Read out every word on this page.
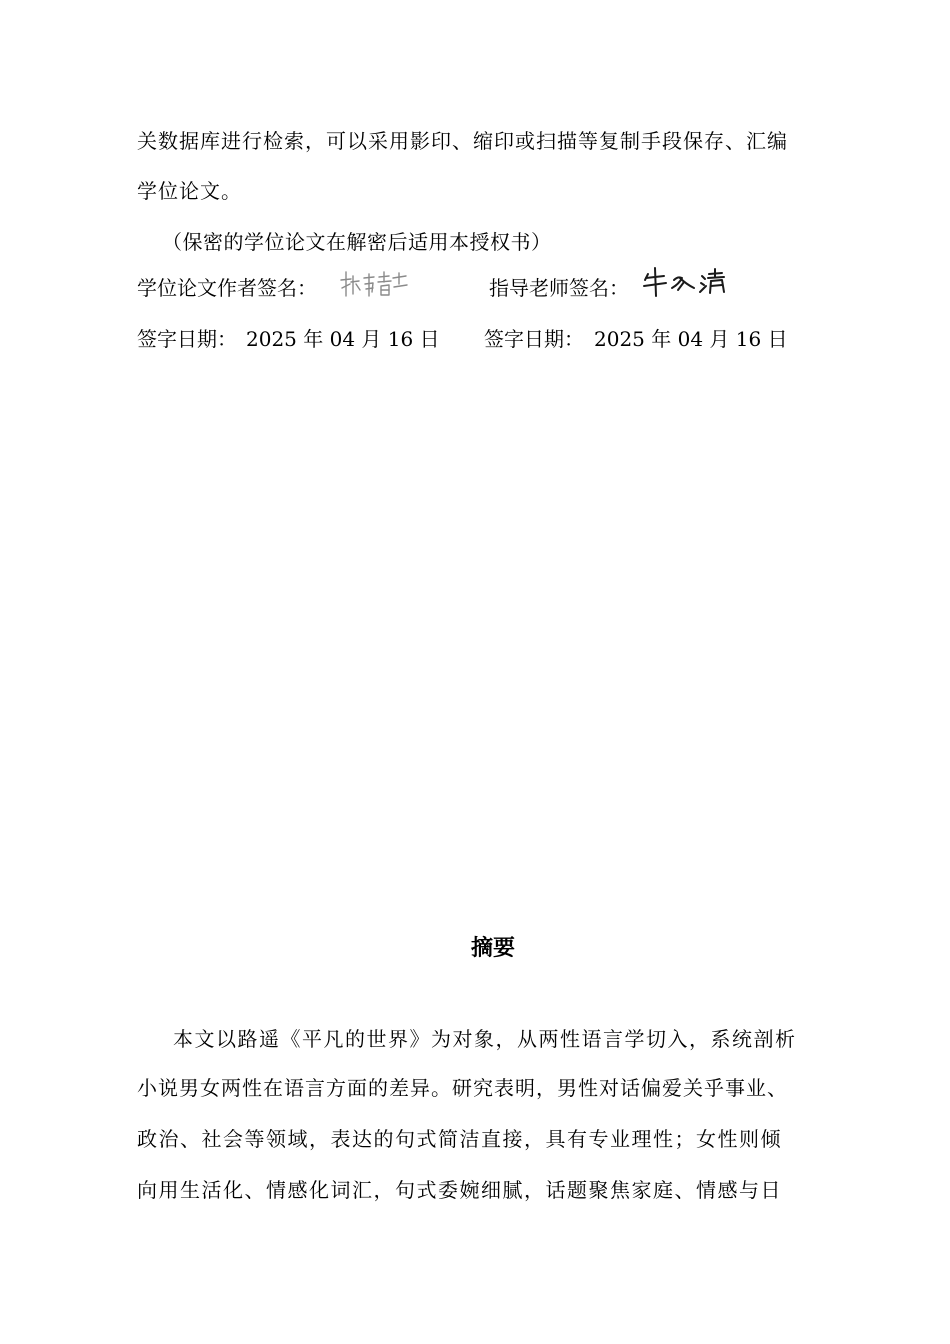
关数据库进行检索，可以采用影印、缩印或扫描等复制手段保存、汇编
学位论文。
（保密的学位论文在解密后适用本授权书）
学位论文作者签名：	指导老师签名：
签字日期： 2025 年 04 月 16 日 签字日期： 2025 年 04 月 16 日
摘要
本文以路遥《平凡的世界》为对象，从两性语言学切入，系统剖析
小说男女两性在语言方面的差异。研究表明，男性对话偏爱关乎事业、
政治、社会等领域，表达的句式简洁直接，具有专业理性；女性则倾
向用生活化、情感化词汇，句式委婉细腻，话题聚焦家庭、情感与日
